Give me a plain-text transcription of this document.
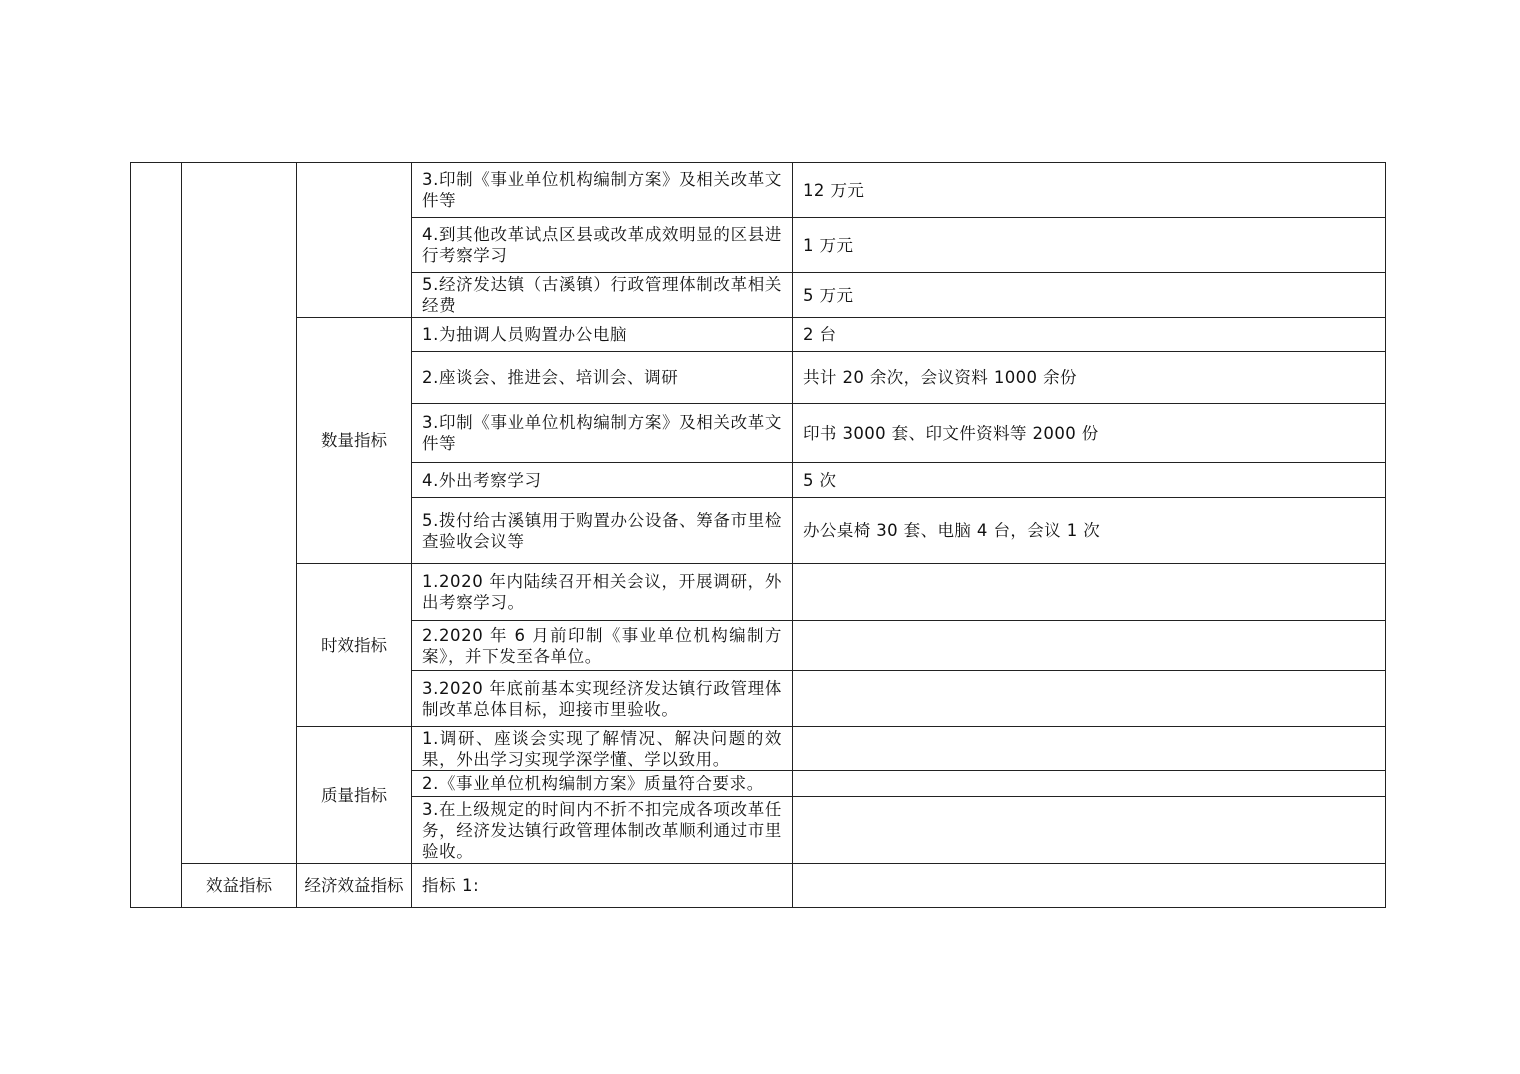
			3.印制《事业单位机构编制方案》及相关改革文件等	12 万元
			4.到其他改革试点区县或改革成效明显的区县进行考察学习	1 万元
			5.经济发达镇（古溪镇）行政管理体制改革相关经费	5 万元
		数量指标	1.为抽调人员购置办公电脑	2 台
			2.座谈会、推进会、培训会、调研	共计 20 余次，会议资料 1000 余份
			3.印制《事业单位机构编制方案》及相关改革文件等	印书 3000 套、印文件资料等 2000 份
			4.外出考察学习	5 次
			5.拨付给古溪镇用于购置办公设备、筹备市里检查验收会议等	办公桌椅 30 套、电脑 4 台，会议 1 次
		时效指标	1.2020 年内陆续召开相关会议，开展调研，外出考察学习。	
			2.2020 年 6 月前印制《事业单位机构编制方案》，并下发至各单位。	
			3.2020 年底前基本实现经济发达镇行政管理体制改革总体目标，迎接市里验收。	
		质量指标	1.调研、座谈会实现了解情况、解决问题的效果，外出学习实现学深学懂、学以致用。	
			2.《事业单位机构编制方案》质量符合要求。	
			3.在上级规定的时间内不折不扣完成各项改革任务，经济发达镇行政管理体制改革顺利通过市里验收。	
	效益指标	经济效益指标	指标 1:	
